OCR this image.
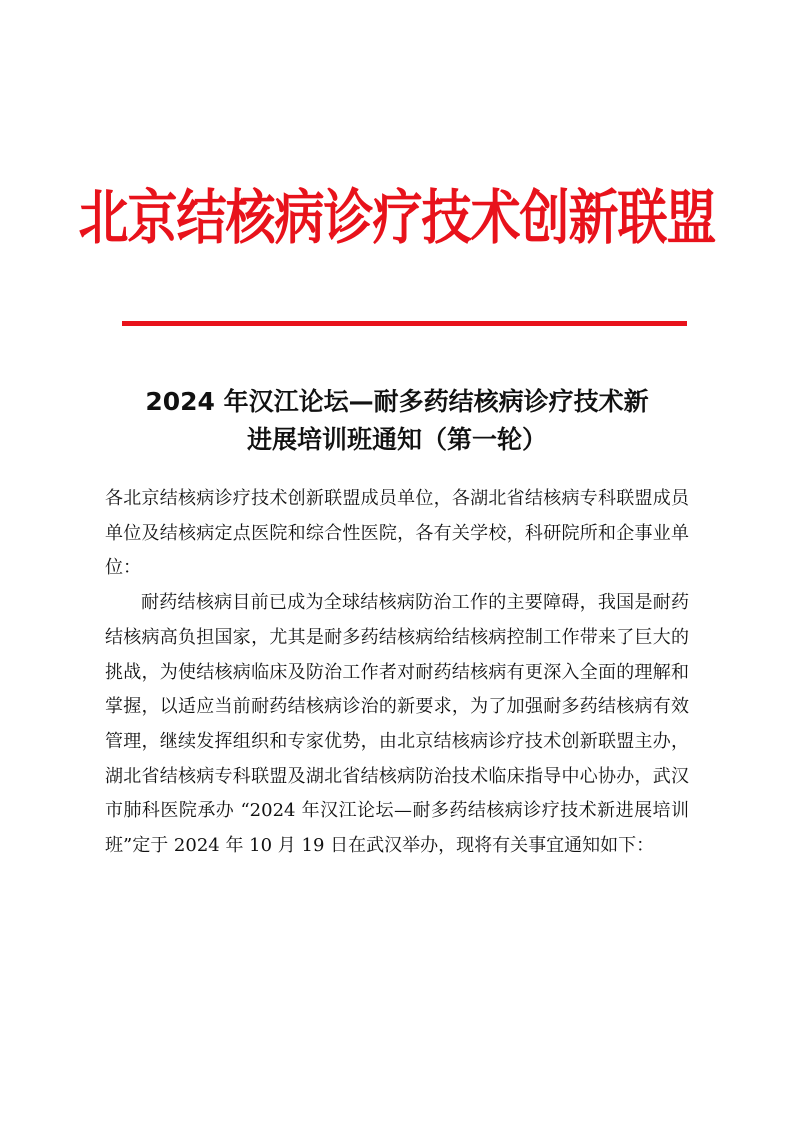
北京结核病诊疗技术创新联盟
2024 年汉江论坛—耐多药结核病诊疗技术新
进展培训班通知（第一轮）

各北京结核病诊疗技术创新联盟成员单位，各湖北省结核病专科联盟成员单位及结核病定点医院和综合性医院，各有关学校，科研院所和企事业单位：

耐药结核病目前已成为全球结核病防治工作的主要障碍，我国是耐药结核病高负担国家，尤其是耐多药结核病给结核病控制工作带来了巨大的挑战，为使结核病临床及防治工作者对耐药结核病有更深入全面的理解和掌握，以适应当前耐药结核病诊治的新要求，为了加强耐多药结核病有效管理，继续发挥组织和专家优势，由北京结核病诊疗技术创新联盟主办，湖北省结核病专科联盟及湖北省结核病防治技术临床指导中心协办，武汉市肺科医院承办 “2024 年汉江论坛—耐多药结核病诊疗技术新进展培训班”定于 2024 年 10 月 19 日在武汉举办，现将有关事宜通知如下：
